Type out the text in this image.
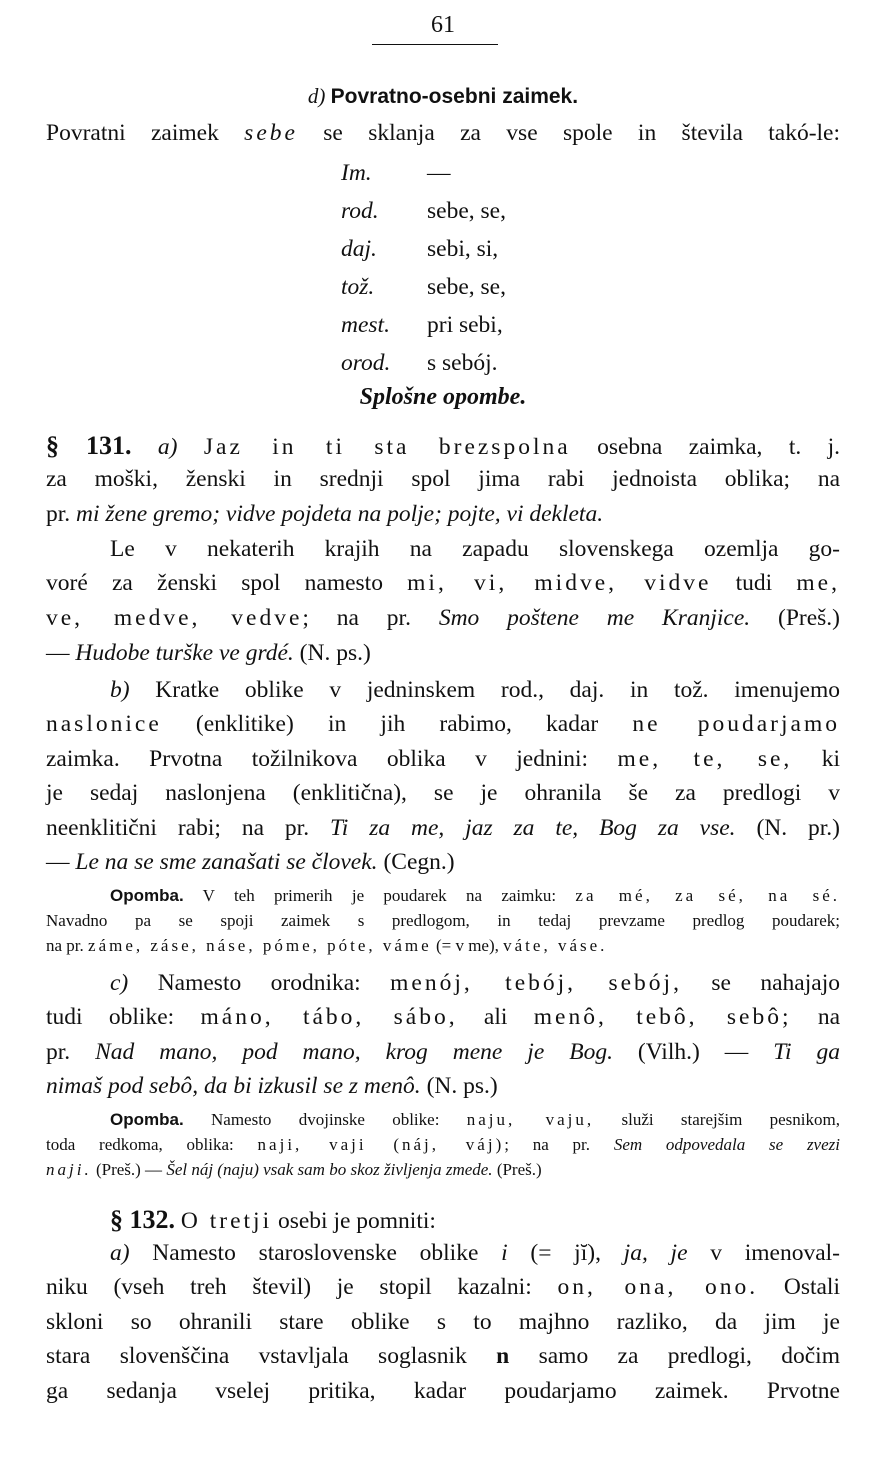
61
d) Povratno-osebni zaimek.
Povratni zaimek sebe se sklanja za vse spole in števila takó-le:
Im. —
rod. sebe, se,
daj. sebi, si,
tož. sebe, se,
mest. pri sebi,
orod. s sebój.
Splošne opombe.
§ 131. a) Jaz in ti sta brezspolna osebna zaimka, t. j.
za moški, ženski in srednji spol jima rabi jednoista oblika; na
pr. mi žene gremo; vidve pojdeta na polje; pojte, vi dekleta.
Le v nekaterih krajih na zapadu slovenskega ozemlja go-
voré za ženski spol namesto mi, vi, midve, vidve tudi me,
ve, medve, vedve; na pr. Smo poštene me Kranjice. (Preš.)
— Hudobe turške ve grdé. (N. ps.)
b) Kratke oblike v jedninskem rod., daj. in tož. imenujemo
naslonice (enklitike) in jih rabimo, kadar ne poudarjamo
zaimka. Prvotna tožilnikova oblika v jednini: me, te, se, ki
je sedaj naslonjena (enklitična), se je ohranila še za predlogi v
neenklitični rabi; na pr. Ti za me, jaz za te, Bog za vse. (N. pr.)
— Le na se sme zanašati se človek. (Cegn.)
Opomba. V teh primerih je poudarek na zaimku: za mé, za sé, na sé.
Navadno pa se spoji zaimek s predlogom, in tedaj prevzame predlog poudarek;
na pr. záme, záse, náse, póme, póte, váme (= v me), váte, váse.
c) Namesto orodnika: menój, tebój, sebój, se nahajajo
tudi oblike: máno, tábo, sábo, ali menô, tebô, sebô; na
pr. Nad mano, pod mano, krog mene je Bog. (Vilh.) — Ti ga
nimaš pod sebô, da bi izkusil se z menô. (N. ps.)
Opomba. Namesto dvojinske oblike: naju, vaju, služi starejšim pesnikom,
toda redkoma, oblika: naji, vaji (náj, váj); na pr. Sem odpovedala se zvezi
naji. (Preš.) — Šel náj (naju) vsak sam bo skoz življenja zmede. (Preš.)
§ 132. O tretji osebi je pomniti:
a) Namesto staroslovenske oblike i (= jĭ), ja, je v imenoval-
niku (vseh treh števil) je stopil kazalni: on, ona, ono. Ostali
skloni so ohranili stare oblike s to majhno razliko, da jim je
stara slovenščina vstavljala soglasnik n samo za predlogi, dočim
ga sedanja vselej pritika, kadar poudarjamo zaimek. Prvotne
